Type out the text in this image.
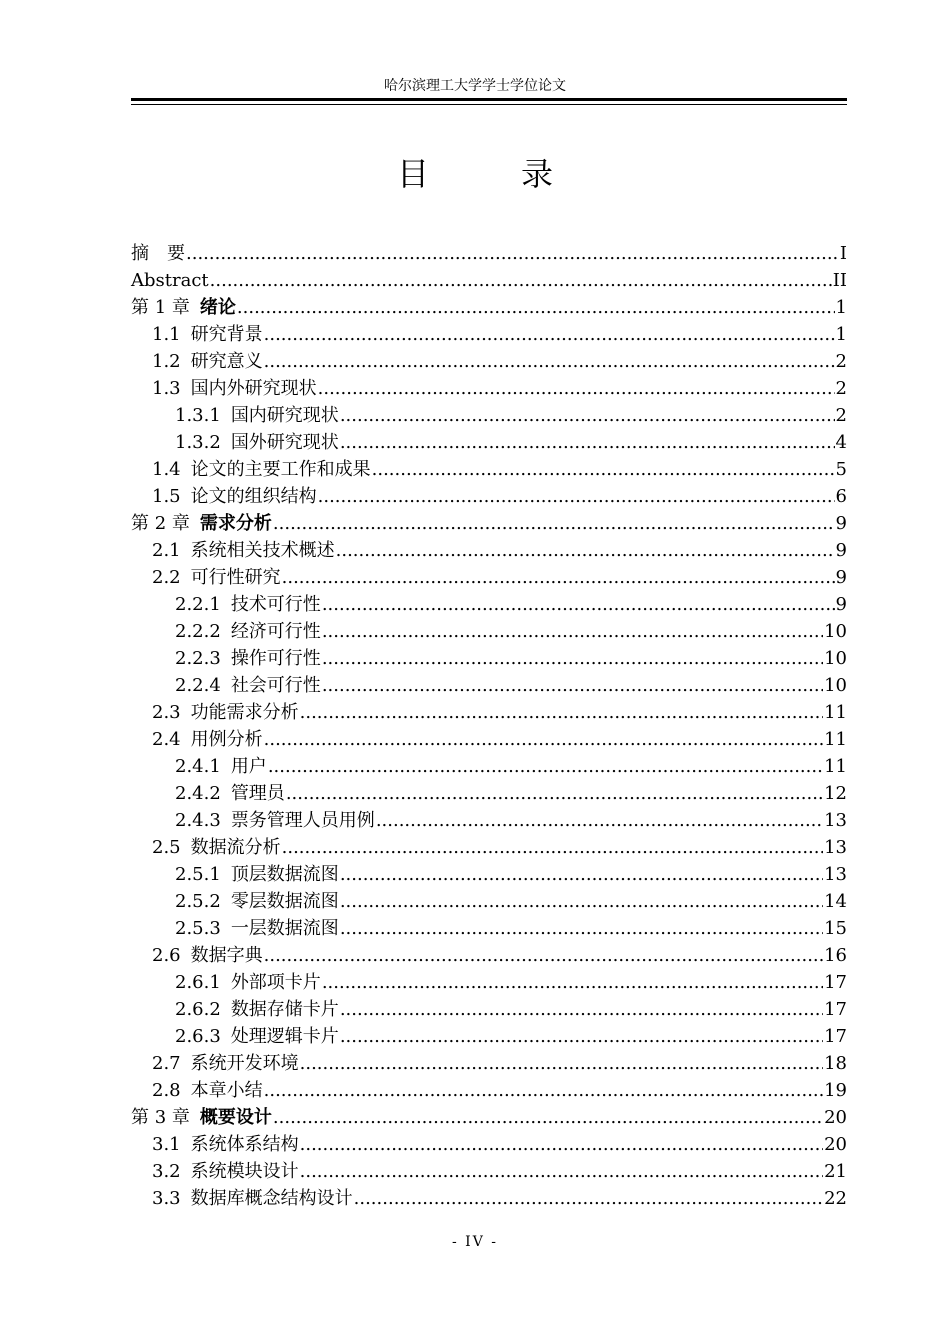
哈尔滨理工大学学士学位论文
目　录
摘　要 .....	I
Abstract .....	II
第 1 章 绪论 .....	1
1.1 研究背景 .....	1
1.2 研究意义 .....	2
1.3 国内外研究现状 .....	2
1.3.1 国内研究现状 .....	2
1.3.2 国外研究现状 .....	4
1.4 论文的主要工作和成果 .....	5
1.5 论文的组织结构 .....	6
第 2 章 需求分析 .....	9
2.1 系统相关技术概述 .....	9
2.2 可行性研究 .....	9
2.2.1 技术可行性 .....	9
2.2.2 经济可行性 .....	10
2.2.3 操作可行性 .....	10
2.2.4 社会可行性 .....	10
2.3 功能需求分析 .....	11
2.4 用例分析 .....	11
2.4.1 用户 .....	11
2.4.2 管理员 .....	12
2.4.3 票务管理人员用例 .....	13
2.5 数据流分析 .....	13
2.5.1 顶层数据流图 .....	13
2.5.2 零层数据流图 .....	14
2.5.3 一层数据流图 .....	15
2.6 数据字典 .....	16
2.6.1 外部项卡片 .....	17
2.6.2 数据存储卡片 .....	17
2.6.3 处理逻辑卡片 .....	17
2.7 系统开发环境 .....	18
2.8 本章小结 .....	19
第 3 章 概要设计 .....	20
3.1 系统体系结构 .....	20
3.2 系统模块设计 .....	21
3.3 数据库概念结构设计 .....	22
- IV -
